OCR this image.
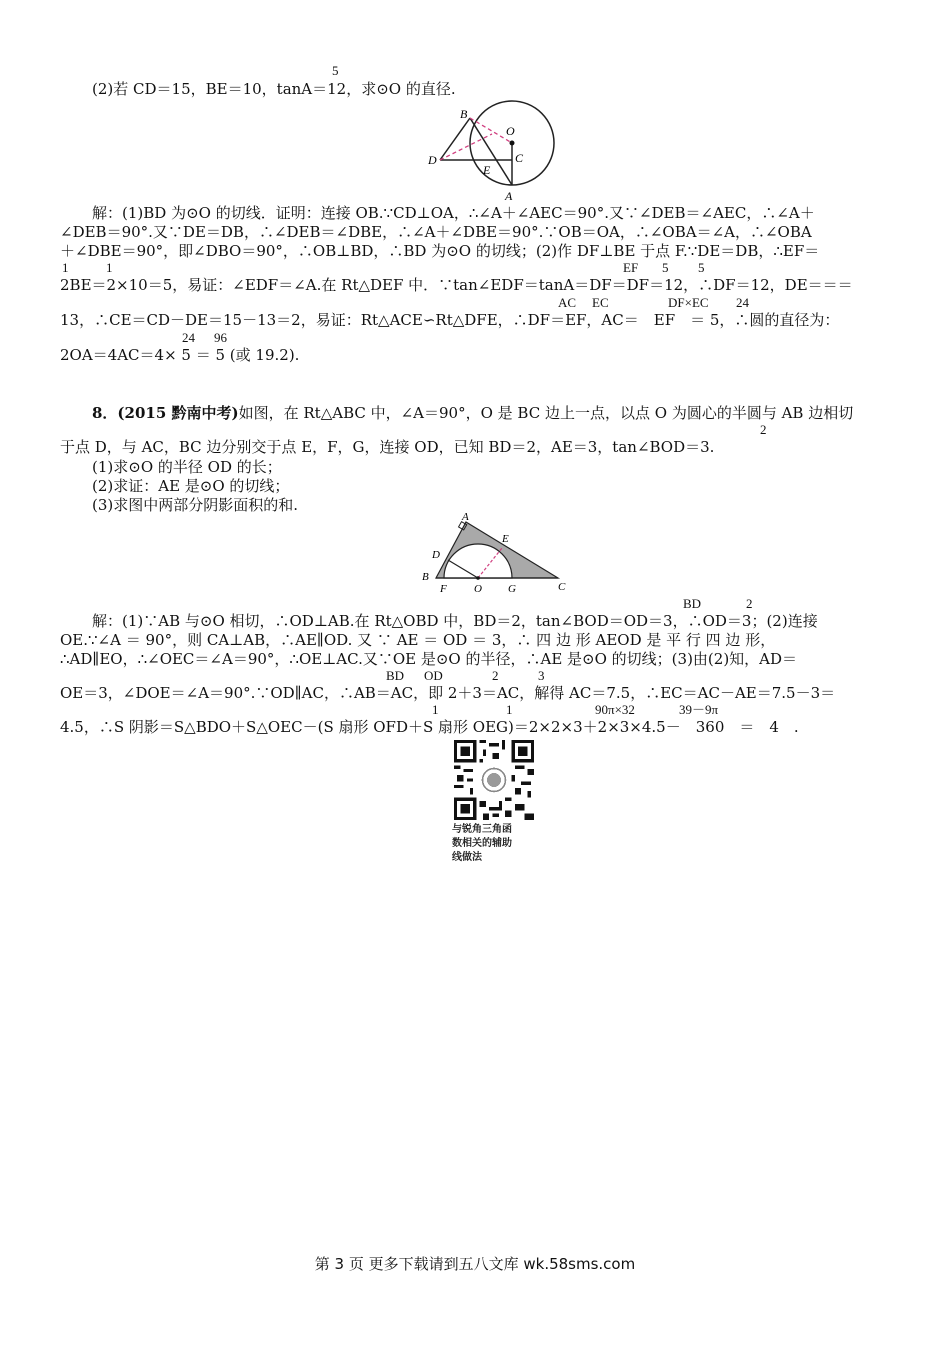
5
(2)若 CD＝15，BE＝10，tanA＝12，求⊙O 的直径.
B
O
D
E
C
A
解：(1)BD 为⊙O 的切线．证明：连接 OB.∵CD⊥OA，∴∠A＋∠AEC＝90°.又∵∠DEB＝∠AEC，∴∠A＋
∠DEB＝90°.又∵DE＝DB，∴∠DEB＝∠DBE，∴∠A＋∠DBE＝90°.∵OB＝OA，∴∠OBA＝∠A，∴∠OBA
＋∠DBE＝90°，即∠DBO＝90°，∴OB⊥BD，∴BD 为⊙O 的切线；(2)作 DF⊥BE 于点 F.∵DE＝DB，∴EF＝
1	1	EF 5 5
2BE＝2×10＝5，易证：∠EDF＝∠A.在 Rt△DEF 中．∵tan∠EDF＝tanA＝DF＝DF＝12，∴DF＝12，DE＝＝＝
AC EC	DF×EC 24
13，∴CE＝CD－DE＝15－13＝2，易证：Rt△ACE∽Rt△DFE，∴DF＝EF，AC＝　EF　＝ 5，∴圆的直径为：
24 96
2OA＝4AC＝4× 5 ＝ 5 (或 19.2).
8．(2015 黔南中考)如图，在 Rt△ABC 中，∠A＝90°，O 是 BC 边上一点，以点 O 为圆心的半圆与 AB 边相切
2
于点 D，与 AC，BC 边分别交于点 E，F，G，连接 OD，已知 BD＝2，AE＝3，tan∠BOD＝3.
(1)求⊙O 的半径 OD 的长；
(2)求证：AE 是⊙O 的切线；
(3)求图中两部分阴影面积的和.
A
E
D
B
F O G	C
BD	2
解：(1)∵AB 与⊙O 相切，∴OD⊥AB.在 Rt△OBD 中，BD＝2，tan∠BOD＝OD＝3，∴OD＝3；(2)连接
OE.∵∠A ＝ 90°，则 CA⊥AB，∴AE∥OD. 又 ∵ AE ＝ OD ＝ 3，∴ 四 边 形 AEOD 是 平 行 四 边 形，
∴AD∥EO，∴∠OEC＝∠A＝90°，∴OE⊥AC.又∵OE 是⊙O 的半径，∴AE 是⊙O 的切线；(3)由(2)知，AD＝
BD OD	2	3
OE＝3，∠DOE＝∠A＝90°.∵OD∥AC，∴AB＝AC，即 2＋3＝AC，解得 AC＝7.5，∴EC＝AC－AE＝7.5－3＝
1	1	90π×32	39－9π
4.5，∴S 阴影＝S△BDO＋S△OEC－(S 扇形 OFD＋S 扇形 OEG)＝2×2×3＋2×3×4.5－　360　＝　4　.
与锐角三角函
数相关的辅助
线做法
第 3 页 更多下载请到五八文库 wk.58sms.com
